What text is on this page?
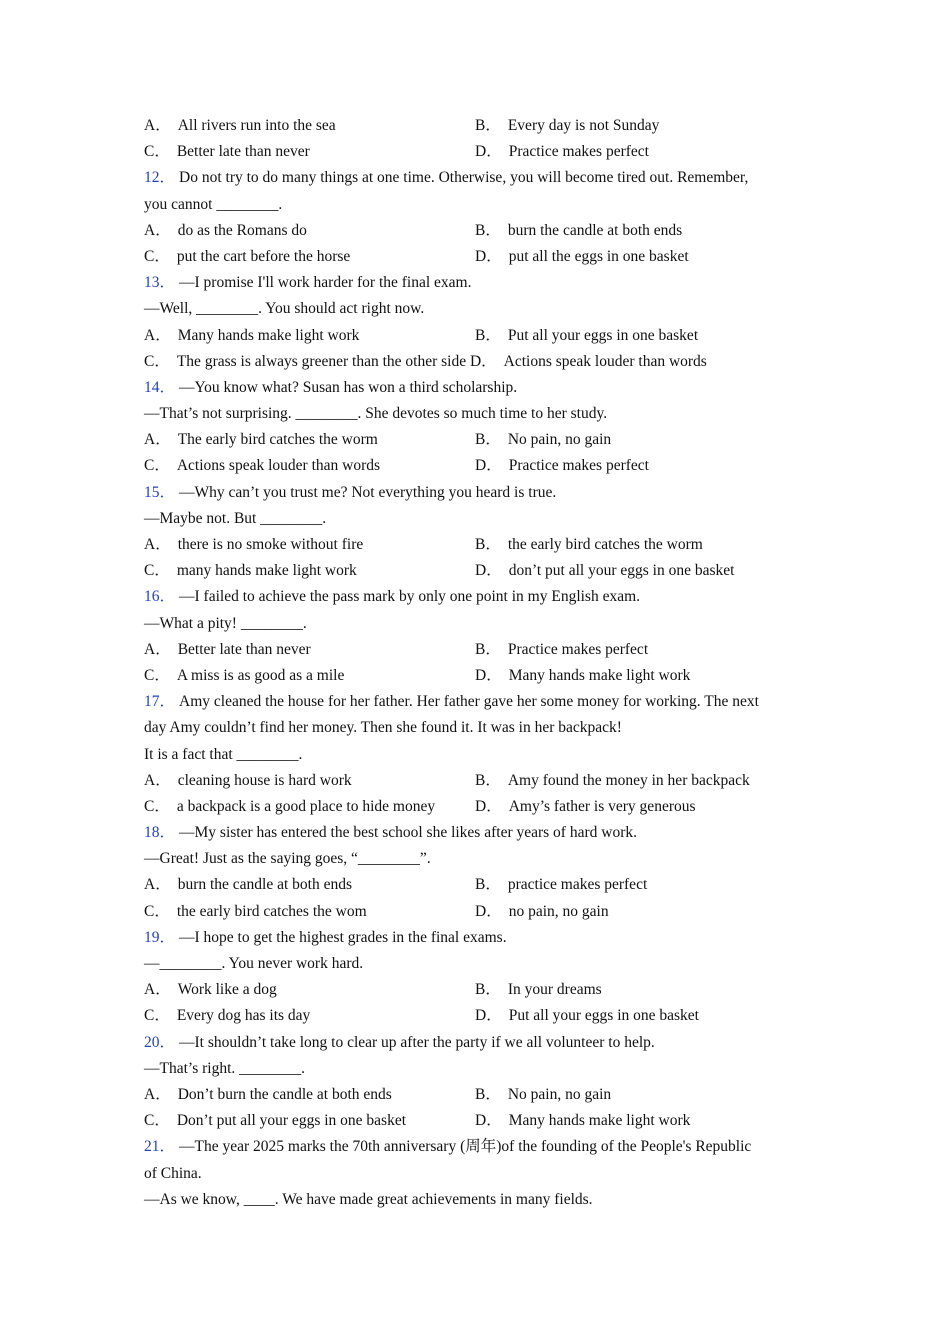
A． All rivers run into the sea	B． Every day is not Sunday
C． Better late than never	D． Practice makes perfect
12． Do not try to do many things at one time. Otherwise, you will become tired out. Remember,
you cannot ________.
A． do as the Romans do	B． burn the candle at both ends
C． put the cart before the horse	D． put all the eggs in one basket
13． —I promise I'll work harder for the final exam.
—Well, ________. You should act right now.
A． Many hands make light work	B． Put all your eggs in one basket
C． The grass is always greener than the other side D． Actions speak louder than words
14． —You know what? Susan has won a third scholarship.
—That’s not surprising. ________. She devotes so much time to her study.
A． The early bird catches the worm	B． No pain, no gain
C． Actions speak louder than words	D． Practice makes perfect
15． —Why can’t you trust me? Not everything you heard is true.
—Maybe not. But ________.
A． there is no smoke without fire	B． the early bird catches the worm
C． many hands make light work	D． don’t put all your eggs in one basket
16． —I failed to achieve the pass mark by only one point in my English exam.
—What a pity! ________.
A． Better late than never	B． Practice makes perfect
C． A miss is as good as a mile	D． Many hands make light work
17． Amy cleaned the house for her father. Her father gave her some money for working. The next
day Amy couldn’t find her money. Then she found it. It was in her backpack!
It is a fact that ________.
A． cleaning house is hard work	B． Amy found the money in her backpack
C． a backpack is a good place to hide money	D． Amy’s father is very generous
18． —My sister has entered the best school she likes after years of hard work.
—Great! Just as the saying goes, “________”.
A． burn the candle at both ends	B． practice makes perfect
C． the early bird catches the wom	D． no pain, no gain
19． —I hope to get the highest grades in the final exams.
—________. You never work hard.
A． Work like a dog	B． In your dreams
C． Every dog has its day	D． Put all your eggs in one basket
20． —It shouldn’t take long to clear up after the party if we all volunteer to help.
—That’s right. ________.
A． Don’t burn the candle at both ends	B． No pain, no gain
C． Don’t put all your eggs in one basket	D． Many hands make light work
21． —The year 2025 marks the 70th anniversary (周年)of the founding of the People's Republic
of China.
—As we know, ____. We have made great achievements in many fields.
